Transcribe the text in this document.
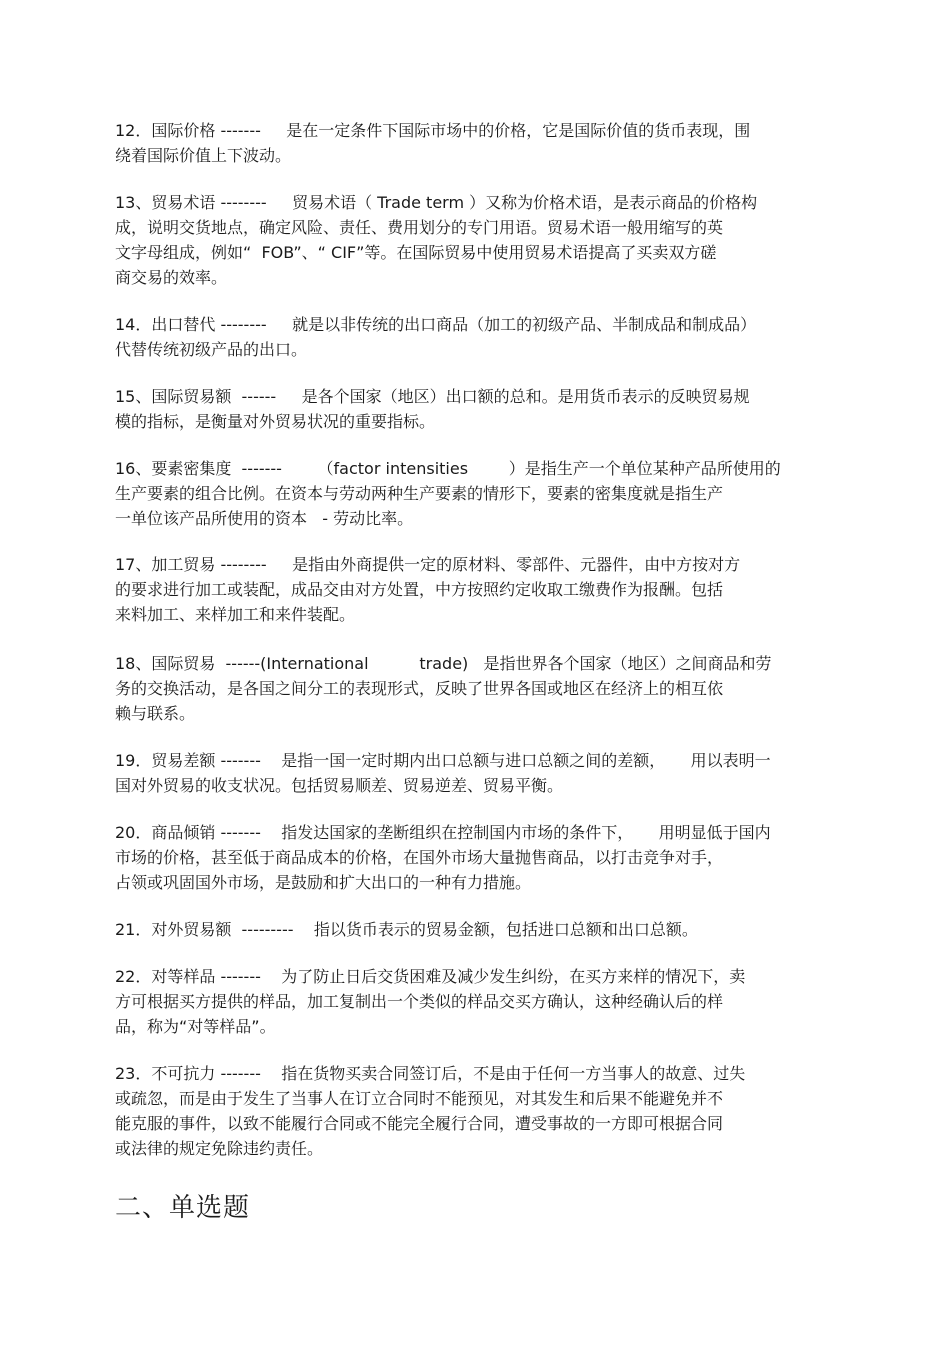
12．国际价格 -------     是在一定条件下国际市场中的价格，它是国际价值的货币表现，围
绕着国际价值上下波动。
13、贸易术语 --------     贸易术语（ Trade term ）又称为价格术语，是表示商品的价格构
成，说明交货地点，确定风险、责任、费用划分的专门用语。贸易术语一般用缩写的英
文字母组成，例如“  FOB”、“ CIF”等。在国际贸易中使用贸易术语提高了买卖双方磋
商交易的效率。
14．出口替代 --------     就是以非传统的出口商品（加工的初级产品、半制成品和制成品）
代替传统初级产品的出口。
15、国际贸易额  ------     是各个国家（地区）出口额的总和。是用货币表示的反映贸易规
模的指标，是衡量对外贸易状况的重要指标。
16、要素密集度  -------       （factor intensities        ）是指生产一个单位某种产品所使用的
生产要素的组合比例。在资本与劳动两种生产要素的情形下，要素的密集度就是指生产
一单位该产品所使用的资本   - 劳动比率。
17、加工贸易 --------     是指由外商提供一定的原材料、零部件、元器件，由中方按对方
的要求进行加工或装配，成品交由对方处置，中方按照约定收取工缴费作为报酬。包括
来料加工、来样加工和来件装配。
18、国际贸易  ------(International          trade)   是指世界各个国家（地区）之间商品和劳
务的交换活动，是各国之间分工的表现形式，反映了世界各国或地区在经济上的相互依
赖与联系。
19．贸易差额 -------    是指一国一定时期内出口总额与进口总额之间的差额，     用以表明一
国对外贸易的收支状况。包括贸易顺差、贸易逆差、贸易平衡。
20．商品倾销 -------    指发达国家的垄断组织在控制国内市场的条件下，     用明显低于国内
市场的价格，甚至低于商品成本的价格，在国外市场大量抛售商品，以打击竞争对手，
占领或巩固国外市场，是鼓励和扩大出口的一种有力措施。
21．对外贸易额  ---------    指以货币表示的贸易金额，包括进口总额和出口总额。
22．对等样品 -------    为了防止日后交货困难及减少发生纠纷，在买方来样的情况下，卖
方可根据买方提供的样品，加工复制出一个类似的样品交买方确认，这种经确认后的样
品，称为“对等样品”。
23．不可抗力 -------    指在货物买卖合同签订后，不是由于任何一方当事人的故意、过失
或疏忽，而是由于发生了当事人在订立合同时不能预见，对其发生和后果不能避免并不
能克服的事件，以致不能履行合同或不能完全履行合同，遭受事故的一方即可根据合同
或法律的规定免除违约责任。
二、单选题
